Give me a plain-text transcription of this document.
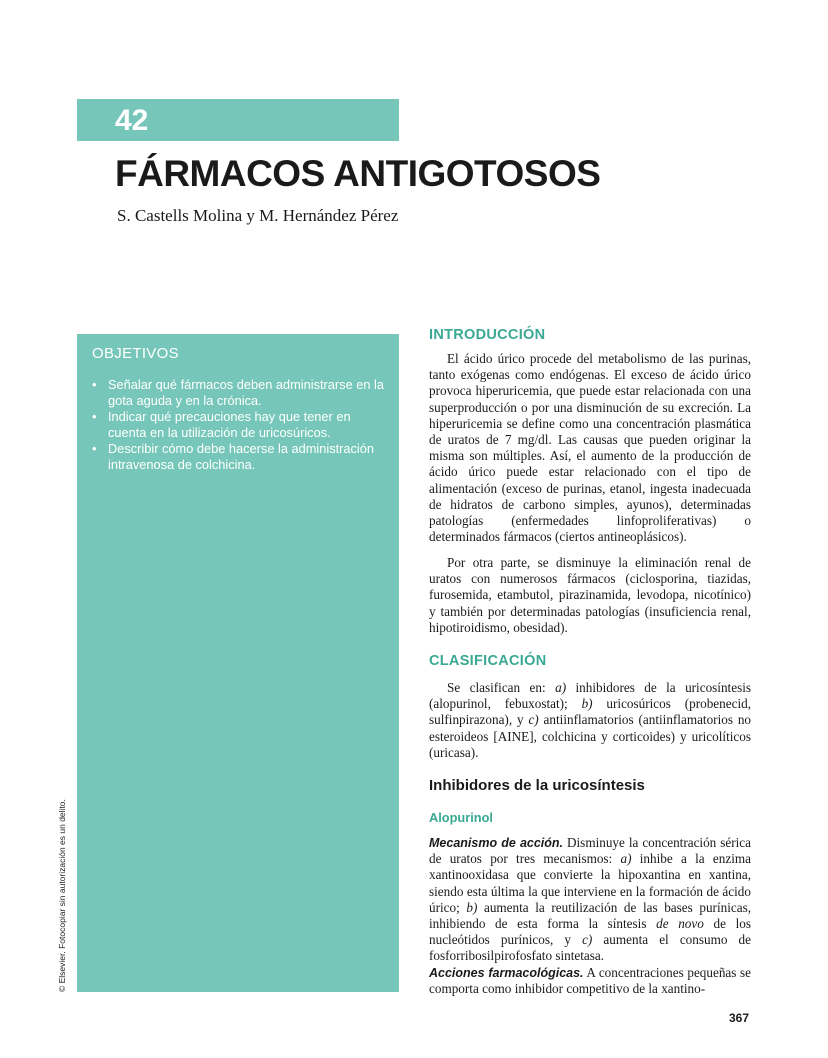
42
FÁRMACOS ANTIGOTOSOS
S. Castells Molina y M. Hernández Pérez
OBJETIVOS
• Señalar qué fármacos deben administrarse en la gota aguda y en la crónica.
• Indicar qué precauciones hay que tener en cuenta en la utilización de uricosúricos.
• Describir cómo debe hacerse la administración intravenosa de colchicina.
INTRODUCCIÓN

El ácido úrico procede del metabolismo de las purinas, tanto exógenas como endógenas. El exceso de ácido úrico provoca hiperuricemia, que puede estar relacionada con una superproducción o por una disminución de su excreción. La hiperuricemia se define como una concentración plasmática de uratos de 7 mg/dl. Las causas que pueden originar la misma son múltiples. Así, el aumento de la producción de ácido úrico puede estar relacionado con el tipo de alimentación (exceso de purinas, etanol, ingesta inadecuada de hidratos de carbono simples, ayunos), determinadas patologías (enfermedades linfoproliferativas) o determinados fármacos (ciertos antineoplásicos).

Por otra parte, se disminuye la eliminación renal de uratos con numerosos fármacos (ciclosporina, tiazidas, furosemida, etambutol, pirazinamida, levodopa, nicotínico) y también por determinadas patologías (insuficiencia renal, hipotiroidismo, obesidad).

CLASIFICACIÓN

Se clasifican en: a) inhibidores de la uricosíntesis (alopurinol, febuxostat); b) uricosúricos (probenecid, sulfinpirazona), y c) antiinflamatorios (antiinflamatorios no esteroideos [AINE], colchicina y corticoides) y uricolíticos (uricasa).

Inhibidores de la uricosíntesis
Alopurinol

Mecanismo de acción. Disminuye la concentración sérica de uratos por tres mecanismos: a) inhibe a la enzima xantinooxidasa que convierte la hipoxantina en xantina, siendo esta última la que interviene en la formación de ácido úrico; b) aumenta la reutilización de las bases purínicas, inhibiendo de esta forma la síntesis de novo de los nucleótidos purínicos, y c) aumenta el consumo de fosforribosilpirofosfato sintetasa.

Acciones farmacológicas. A concentraciones pequeñas se comporta como inhibidor competitivo de la xantino-

© Elsevier. Fotocopiar sin autorización es un delito.
367
